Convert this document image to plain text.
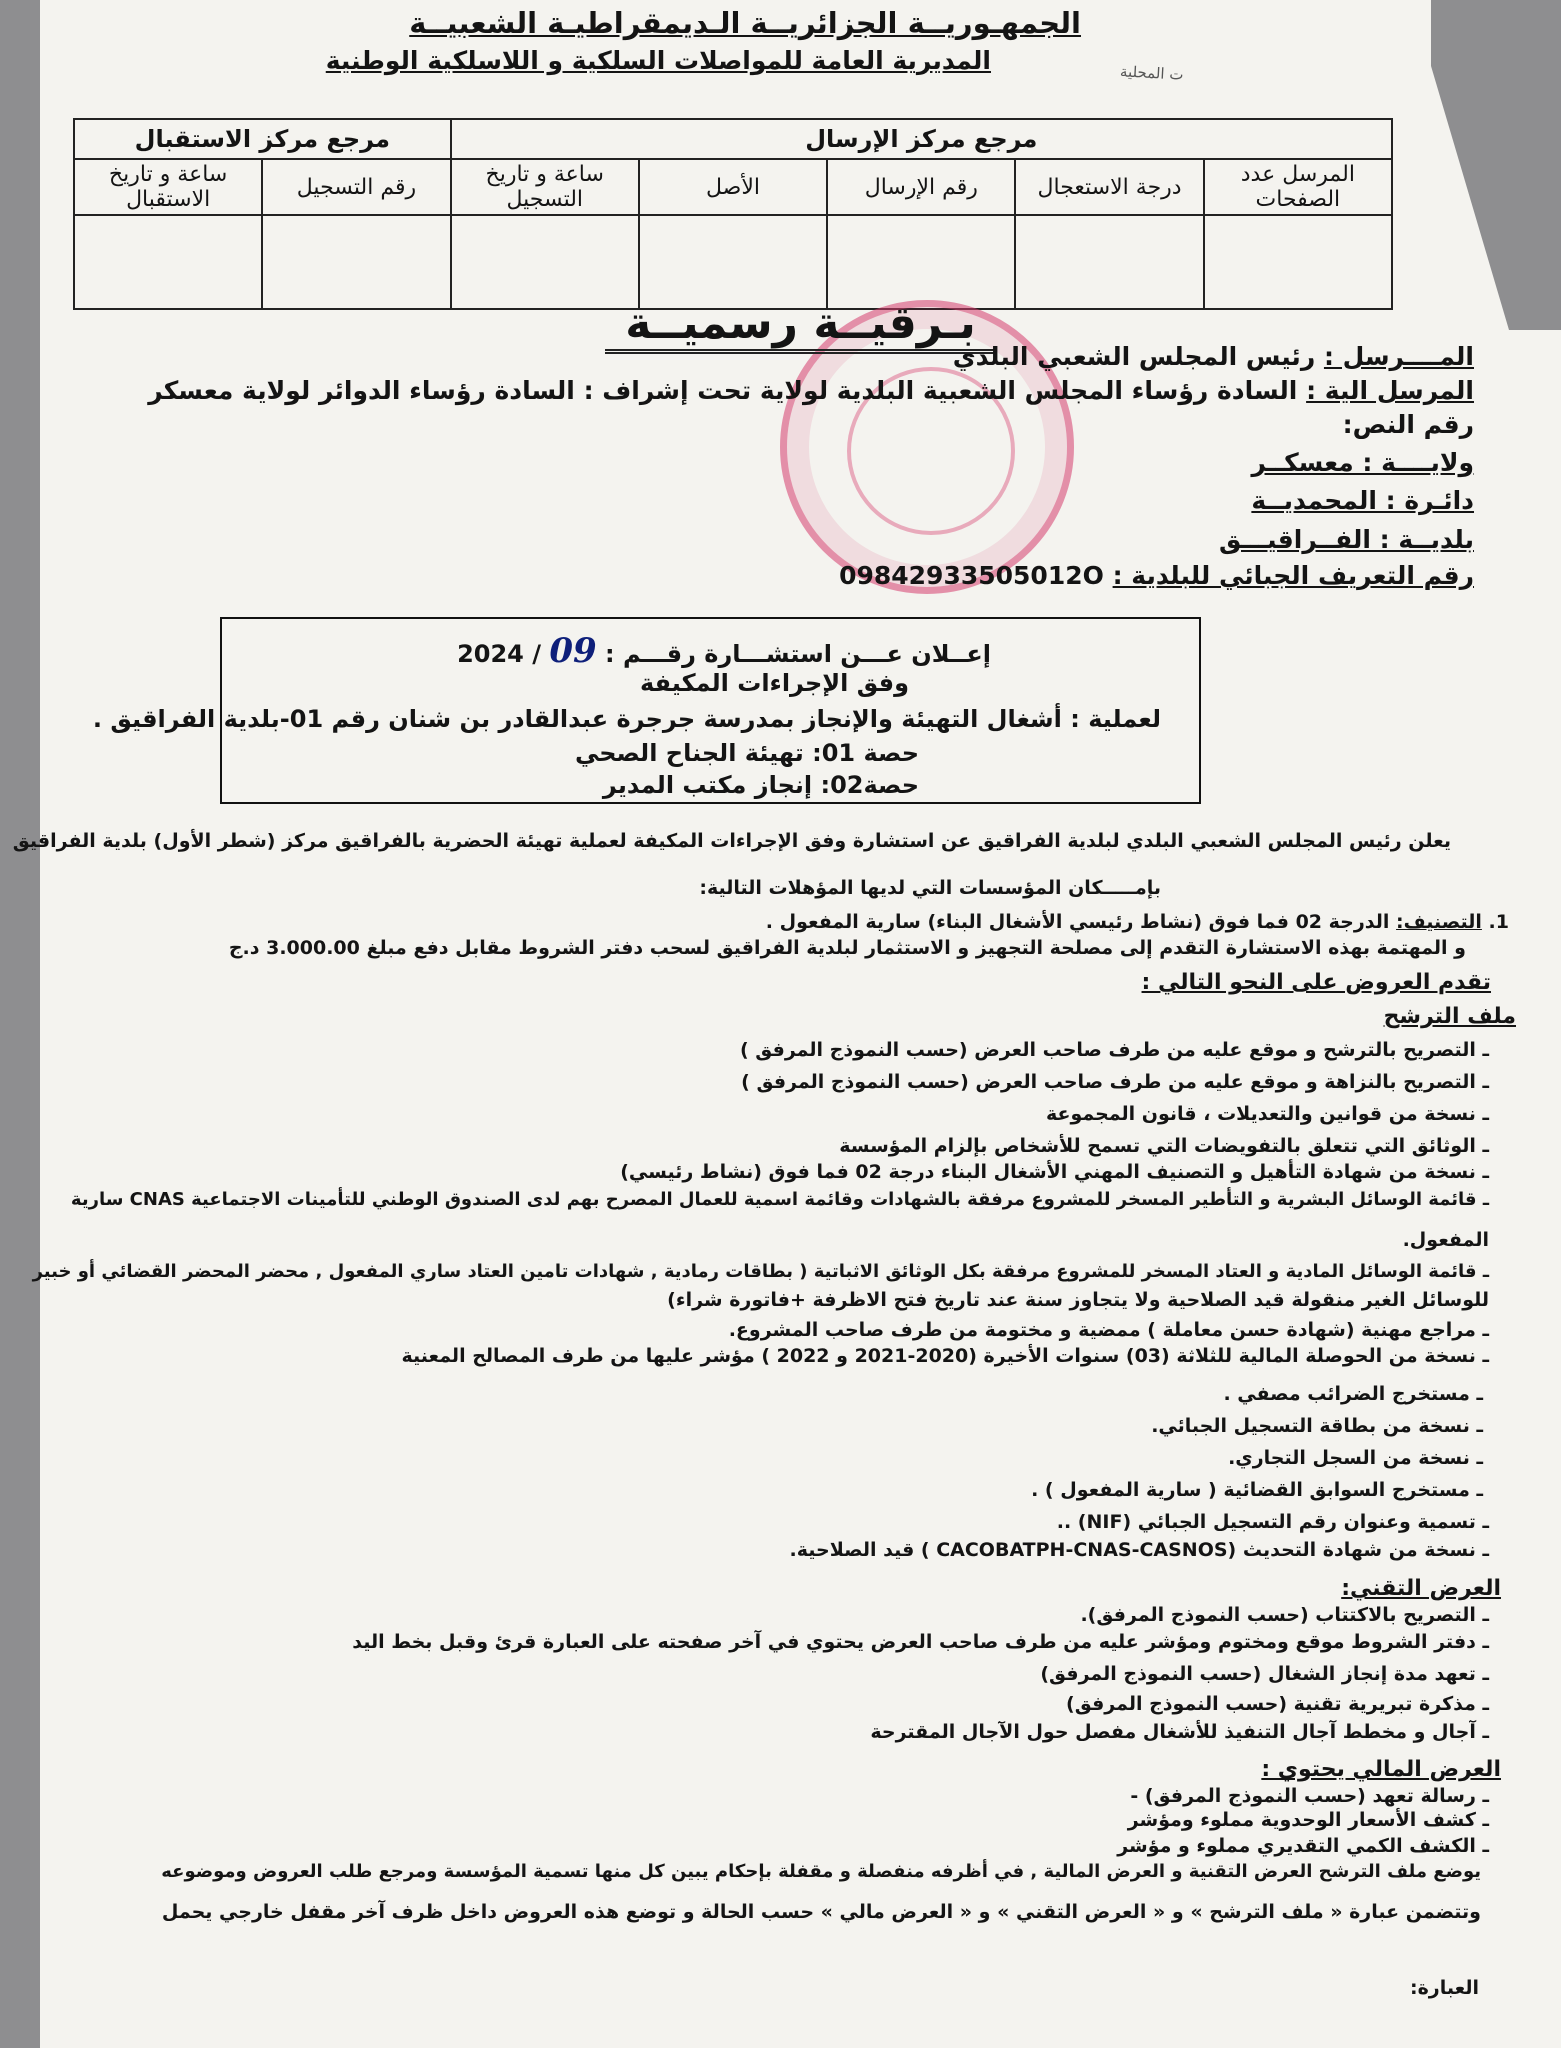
الجمهـوريــة الجزائريــة الـديمقراطيـة الشعبيــة
المديرية العامة للمواصلات السلكية و اللاسلكية الوطنية	ت المحلية
مرجع مركز الإرسال					مرجع مركز الاستقبال	
المرسل عدد الصفحات	درجة الاستعجال	رقم الإرسال	الأصل	ساعة و تاريخ التسجيل	رقم التسجيل	ساعة و تاريخ الاستقبال

بـرقيــة رسميــة
المــــرسل : رئيس المجلس الشعبي البلدي
المرسل الية : السادة رؤساء المجلس الشعبية البلدية لولاية تحت إشراف : السادة رؤساء الدوائر لولاية معسكر
رقم النص:
ولايــــة : معسكــر
دائـرة : المحمديــة
بلديــة : الفــراقيـــق
رقم التعريف الجبائي للبلدية : 09842933505012О
إعــلان عـــن استشـــارة رقـــم : 09 / 2024
وفق الإجراءات المكيفة
لعملية : أشغال التهيئة والإنجاز بمدرسة جرجرة عبدالقادر بن شنان رقم 01-بلدية الفراقيق .
حصة 01: تهيئة الجناح الصحي
حصة02: إنجاز مكتب المدير
يعلن رئيس المجلس الشعبي البلدي لبلدية الفراقيق عن استشارة وفق الإجراءات المكيفة لعملية تهيئة الحضرية بالفراقيق مركز (شطر الأول) بلدية الفراقيق
بإمـــــكان المؤسسات التي لديها المؤهلات التالية:
1. التصنيف: الدرجة 02 فما فوق (نشاط رئيسي الأشغال البناء) سارية المفعول .
و المهتمة بهذه الاستشارة التقدم إلى مصلحة التجهيز و الاستثمار لبلدية الفراقيق لسحب دفتر الشروط مقابل دفع مبلغ 3.000.00 د.ج
تقدم العروض على النحو التالي :
ملف الترشح
ـ التصريح بالترشح و موقع عليه من طرف صاحب العرض (حسب النموذج المرفق )
ـ التصريح بالنزاهة و موقع عليه من طرف صاحب العرض (حسب النموذج المرفق )
ـ نسخة من قوانين والتعديلات ، قانون المجموعة
ـ الوثائق التي تتعلق بالتفويضات التي تسمح للأشخاص بإلزام المؤسسة
ـ نسخة من شهادة التأهيل و التصنيف المهني الأشغال البناء درجة 02 فما فوق (نشاط رئيسي)
ـ قائمة الوسائل البشرية و التأطير المسخر للمشروع مرفقة بالشهادات وقائمة اسمية للعمال المصرح بهم لدى الصندوق الوطني للتأمينات الاجتماعية CNAS سارية
المفعول.
ـ قائمة الوسائل المادية و العتاد المسخر للمشروع مرفقة بكل الوثائق الاثباتية ( بطاقات رمادية , شهادات تامين العتاد ساري المفعول , محضر المحضر القضائي أو خبير
للوسائل الغير منقولة قيد الصلاحية ولا يتجاوز سنة عند تاريخ فتح الاظرفة +فاتورة شراء)
ـ مراجع مهنية (شهادة حسن معاملة ) ممضية و مختومة من طرف صاحب المشروع.
ـ نسخة من الحوصلة المالية للثلاثة (03) سنوات الأخيرة (2020-2021 و 2022 ) مؤشر عليها من طرف المصالح المعنية
ـ مستخرج الضرائب مصفي .
ـ نسخة من بطاقة التسجيل الجبائي.
ـ نسخة من السجل التجاري.
ـ مستخرج السوابق القضائية ( سارية المفعول ) .
ـ تسمية وعنوان رقم التسجيل الجبائي (NIF) ..
ـ نسخة من شهادة التحديث (CACOBATPH-CNAS-CASNOS ) قيد الصلاحية.
العرض التقني:
ـ التصريح بالاكتتاب (حسب النموذج المرفق).
ـ دفتر الشروط موقع ومختوم ومؤشر عليه من طرف صاحب العرض يحتوي في آخر صفحته على العبارة قرئ وقبل بخط اليد
ـ تعهد مدة إنجاز الشغال (حسب النموذج المرفق)
ـ مذكرة تبريرية تقنية (حسب النموذج المرفق)
ـ آجال و مخطط آجال التنفيذ للأشغال مفصل حول الآجال المقترحة
العرض المالي يحتوي :
ـ رسالة تعهد (حسب النموذج المرفق) -
ـ كشف الأسعار الوحدوية مملوء ومؤشر
ـ الكشف الكمي التقديري مملوء و مؤشر
يوضع ملف الترشح العرض التقنية و العرض المالية , في أظرفه منفصلة و مقفلة بإحكام يبين كل منها تسمية المؤسسة ومرجع طلب العروض وموضوعه
وتتضمن عبارة « ملف الترشح » و « العرض التقني » و « العرض مالي » حسب الحالة و توضع هذه العروض داخل ظرف آخر مقفل خارجي يحمل
العبارة:
